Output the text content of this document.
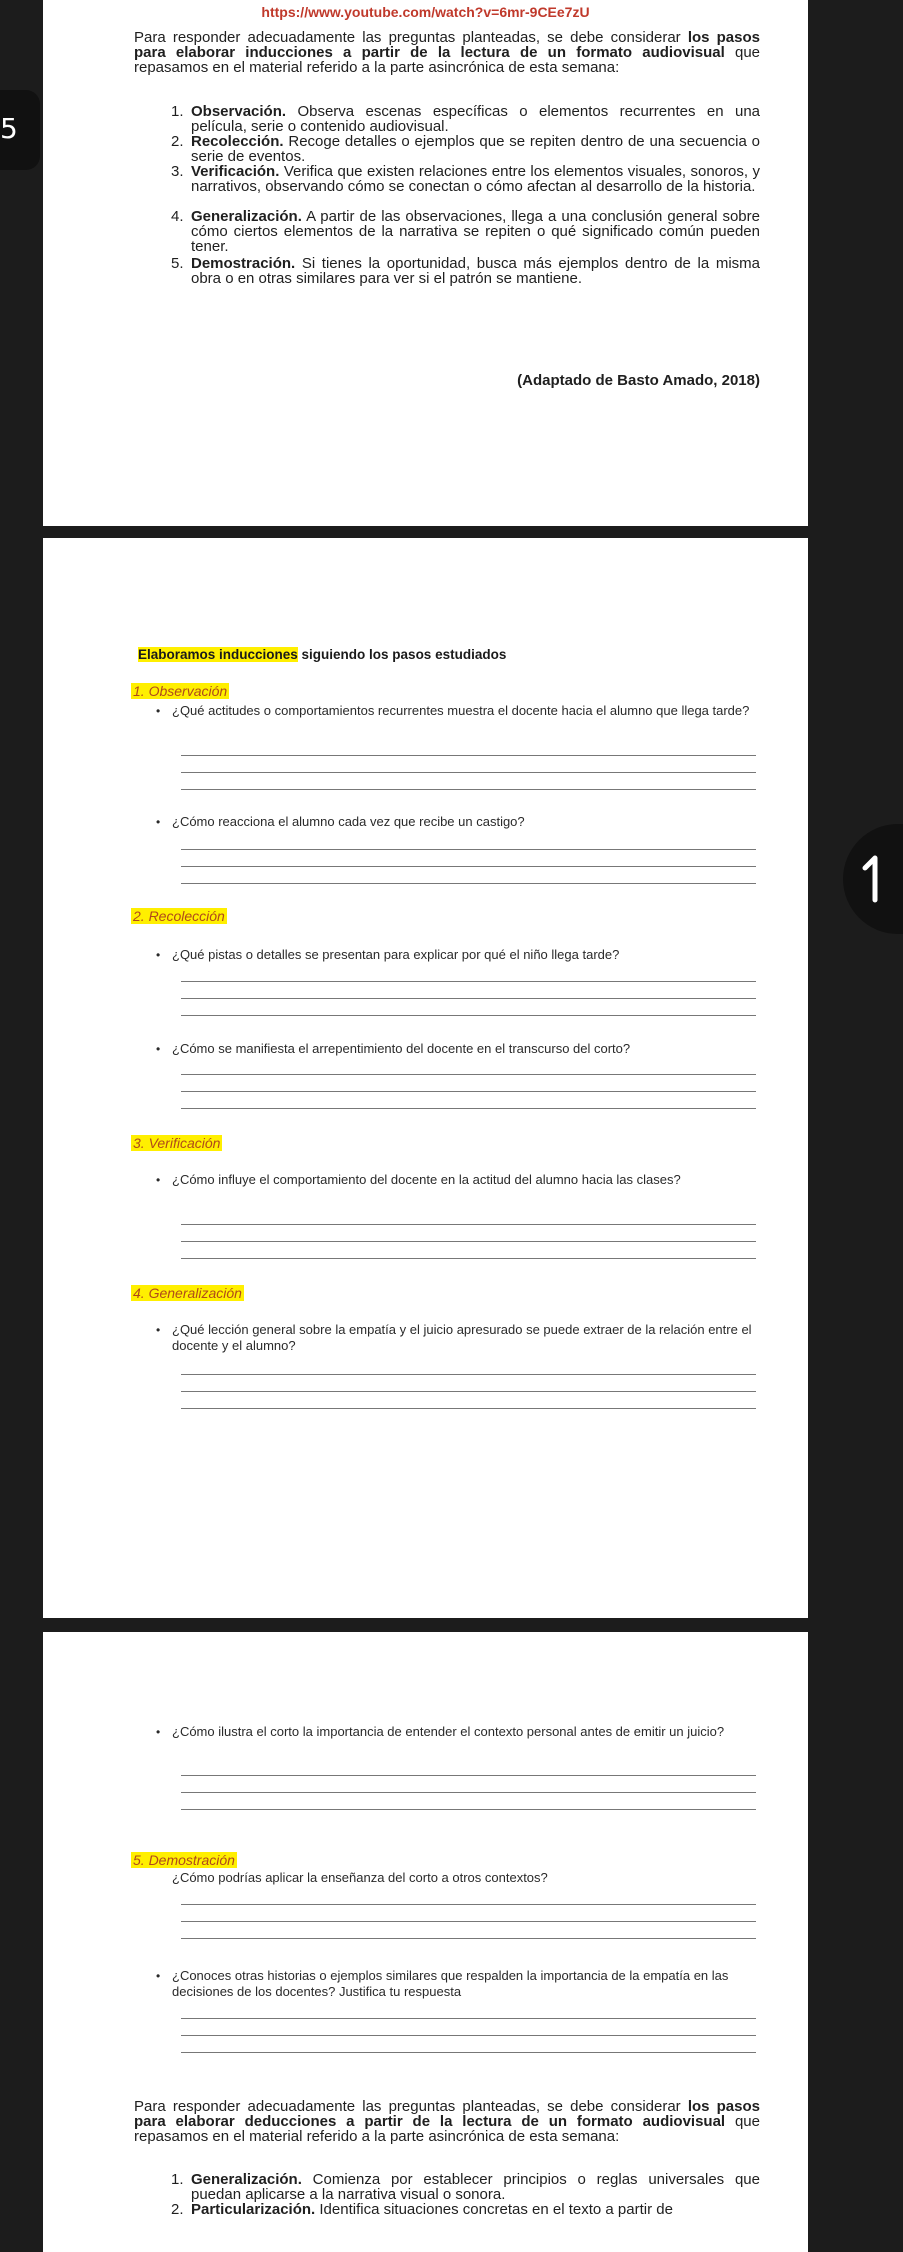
5
https://www.youtube.com/watch?v=6mr-9CEe7zU
Para responder adecuadamente las preguntas planteadas, se debe considerar los pasos para elaborar inducciones a partir de la lectura de un formato audiovisual que repasamos en el material referido a la parte asincrónica de esta semana:
1. Observación. Observa escenas específicas o elementos recurrentes en una película, serie o contenido audiovisual.
2. Recolección. Recoge detalles o ejemplos que se repiten dentro de una secuencia o serie de eventos.
3. Verificación. Verifica que existen relaciones entre los elementos visuales, sonoros, y narrativos, observando cómo se conectan o cómo afectan al desarrollo de la historia.
4. Generalización. A partir de las observaciones, llega a una conclusión general sobre cómo ciertos elementos de la narrativa se repiten o qué significado común pueden tener.
5. Demostración. Si tienes la oportunidad, busca más ejemplos dentro de la misma obra o en otras similares para ver si el patrón se mantiene.
(Adaptado de Basto Amado, 2018)
Elaboramos inducciones siguiendo los pasos estudiados
1. Observación
• ¿Qué actitudes o comportamientos recurrentes muestra el docente hacia el alumno que llega tarde?
• ¿Cómo reacciona el alumno cada vez que recibe un castigo?
2. Recolección
• ¿Qué pistas o detalles se presentan para explicar por qué el niño llega tarde?
• ¿Cómo se manifiesta el arrepentimiento del docente en el transcurso del corto?
3. Verificación
• ¿Cómo influye el comportamiento del docente en la actitud del alumno hacia las clases?
4. Generalización
• ¿Qué lección general sobre la empatía y el juicio apresurado se puede extraer de la relación entre el docente y el alumno?
• ¿Cómo ilustra el corto la importancia de entender el contexto personal antes de emitir un juicio?
5. Demostración
¿Cómo podrías aplicar la enseñanza del corto a otros contextos?
• ¿Conoces otras historias o ejemplos similares que respalden la importancia de la empatía en las decisiones de los docentes? Justifica tu respuesta
Para responder adecuadamente las preguntas planteadas, se debe considerar los pasos para elaborar deducciones a partir de la lectura de un formato audiovisual que repasamos en el material referido a la parte asincrónica de esta semana:
1. Generalización. Comienza por establecer principios o reglas universales que puedan aplicarse a la narrativa visual o sonora.
2. Particularización. Identifica situaciones concretas en el texto a partir de
